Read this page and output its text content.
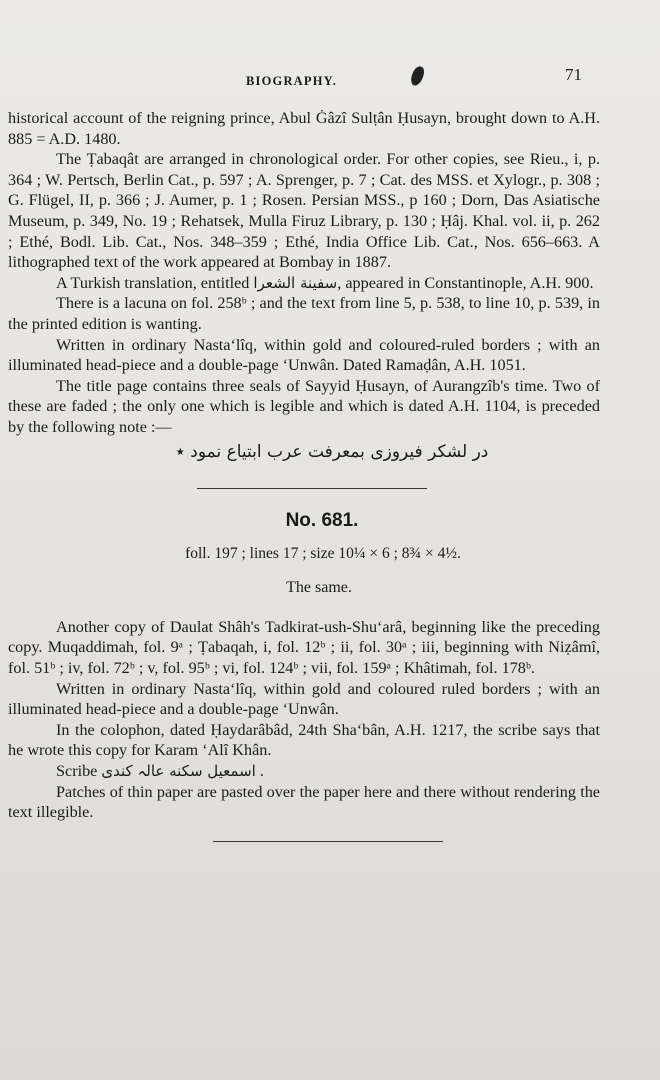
BIOGRAPHY.	71

historical account of the reigning prince, Abul Ġâzî Sulṭân Ḥusayn, brought down to A.H. 885 = A.D. 1480.

The Ṭabaqât are arranged in chronological order. For other copies, see Rieu., i, p. 364 ; W. Pertsch, Berlin Cat., p. 597 ; A. Sprenger, p. 7 ; Cat. des MSS. et Xylogr., p. 308 ; G. Flügel, II, p. 366 ; J. Aumer, p. 1 ; Rosen. Persian MSS., p 160 ; Dorn, Das Asiatische Museum, p. 349, No. 19 ; Rehatsek, Mulla Firuz Library, p. 130 ; Ḥâj. Khal. vol. ii, p. 262 ; Ethé, Bodl. Lib. Cat., Nos. 348–359 ; Ethé, India Office Lib. Cat., Nos. 656–663. A lithographed text of the work appeared at Bombay in 1887.

A Turkish translation, entitled سفينة الشعرا, appeared in Constantinople, A.H. 900.

There is a lacuna on fol. 258ᵇ ; and the text from line 5, p. 538, to line 10, p. 539, in the printed edition is wanting.

Written in ordinary Nastaʻlîq, within gold and coloured-ruled borders ; with an illuminated head-piece and a double-page ʻUnwân. Dated Ramaḍân, A.H. 1051.

The title page contains three seals of Sayyid Ḥusayn, of Aurangzîb's time. Two of these are faded ; the only one which is legible and which is dated A.H. 1104, is preceded by the following note :—

در لشکر فیروزی بمعرفت عرب ابتیاع نمود ٭
No. 681.
foll. 197 ; lines 17 ; size 10¼ × 6 ; 8¾ × 4½.
The same.

Another copy of Daulat Shâh's Tadkirat-ush-Shuʻarâ, beginning like the preceding copy. Muqaddimah, fol. 9ᵃ ; Ṭabaqah, i, fol. 12ᵇ ; ii, fol. 30ᵃ ; iii, beginning with Niẓâmî, fol. 51ᵇ ; iv, fol. 72ᵇ ; v, fol. 95ᵇ ; vi, fol. 124ᵇ ; vii, fol. 159ᵃ ; Khâtimah, fol. 178ᵇ.

Written in ordinary Nastaʻlîq, within gold and coloured ruled borders ; with an illuminated head-piece and a double-page ʻUnwân.

In the colophon, dated Ḥaydarâbâd, 24th Shaʻbân, A.H. 1217, the scribe says that he wrote this copy for Karam ʻAlî Khân.

Scribe اسمعیل سکنه عالہ کندی .

Patches of thin paper are pasted over the paper here and there without rendering the text illegible.
